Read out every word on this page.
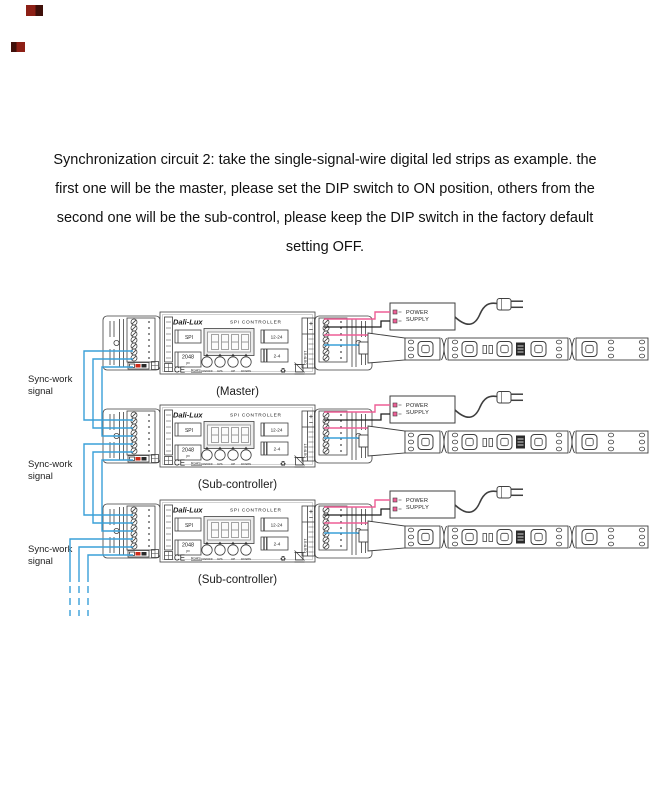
Synchronization circuit 2: take the single-signal-wire digital led strips as example. the
first one will be the master, please set the DIP switch to ON position, others from the
second one will be the sub-control, please keep the DIP switch in the factory default
setting OFF.
Sync-work
signal
Sync-work
signal
Sync-work
signal
Dali-Lux	SPI CONTROLLER
SPI
2048
px
12-24
2-4
ON/OFF R/S	UP DOWN
CE RoHS	♻
OUTPUT
POWER
SUPPLY
(Master)
Dali-Lux	SPI CONTROLLER
SPI
2048
px
12-24
2-4
ON/OFF R/S	UP DOWN
CE RoHS	♻
OUTPUT
POWER
SUPPLY
(Sub-controller)
Dali-Lux	SPI CONTROLLER
SPI
2048
px
12-24
2-4
ON/OFF R/S	UP DOWN
CE RoHS	♻
OUTPUT
POWER
SUPPLY
(Sub-controller)
